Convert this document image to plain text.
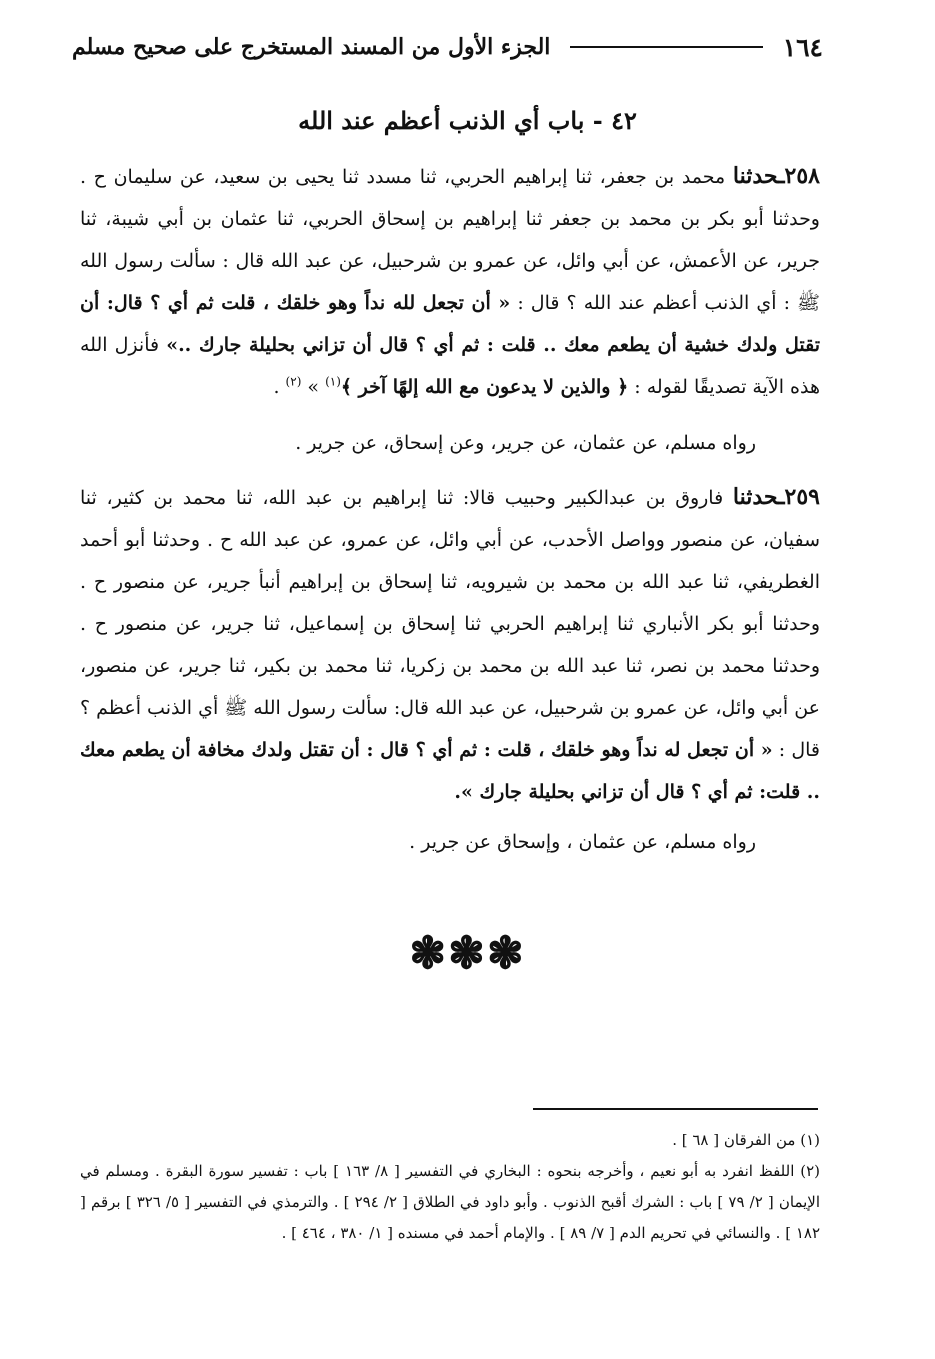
١٦٤
الجزء الأول من المسند المستخرج على صحيح مسلم
٤٢ - باب أي الذنب أعظم عند الله

٢٥٨ـحدثنا محمد بن جعفر، ثنا إبراهيم الحربي، ثنا مسدد ثنا يحيى بن سعيد، عن سليمان ح . وحدثنا أبو بكر بن محمد بن جعفر ثنا إبراهيم بن إسحاق الحربي، ثنا عثمان بن أبي شيبة، ثنا جرير، عن الأعمش، عن أبي وائل، عن عمرو بن شرحبيل، عن عبد الله قال : سألت رسول الله ﷺ : أي الذنب أعظم عند الله ؟ قال : « أن تجعل لله نداً وهو خلقك ، قلت ثم أي ؟ قال: أن تقتل ولدك خشية أن يطعم معك .. قلت : ثم أي ؟ قال أن تزاني بحليلة جارك ..» فأنزل الله هذه الآية تصديقًا لقوله : ﴿ والذين لا يدعون مع الله إلهًا آخر ﴾$^{(١)}$ » $^{(٢)}$ .

رواه مسلم، عن عثمان، عن جرير، وعن إسحاق، عن جرير .

٢٥٩ـحدثنا فاروق بن عبدالكبير وحبيب قالا: ثنا إبراهيم بن عبد الله، ثنا محمد بن كثير، ثنا سفيان، عن منصور وواصل الأحدب، عن أبي وائل، عن عمرو، عن عبد الله ح . وحدثنا أبو أحمد الغطريفي، ثنا عبد الله بن محمد بن شيرويه، ثنا إسحاق بن إبراهيم أنبأ جرير، عن منصور ح . وحدثنا أبو بكر الأنباري ثنا إبراهيم الحربي ثنا إسحاق بن إسماعيل، ثنا جرير، عن منصور ح . وحدثنا محمد بن نصر، ثنا عبد الله بن محمد بن زكريا، ثنا محمد بن بكير، ثنا جرير، عن منصور، عن أبي وائل، عن عمرو بن شرحبيل، عن عبد الله قال: سألت رسول الله ﷺ أي الذنب أعظم ؟ قال : « أن تجعل له نداً وهو خلقك ، قلت : ثم أي ؟ قال : أن تقتل ولدك مخافة أن يطعم معك .. قلت: ثم أي ؟ قال أن تزاني بحليلة جارك ».

رواه مسلم، عن عثمان ، وإسحاق عن جرير .

❃❃❃

(١) من الفرقان [ ٦٨ ] .

(٢) اللفظ انفرد به أبو نعيم ، وأخرجه بنحوه : البخاري في التفسير [ ٨/ ١٦٣ ] باب : تفسير سورة البقرة . ومسلم في الإيمان [ ٢/ ٧٩ ] باب : الشرك أقبح الذنوب . وأبو داود في الطلاق [ ٢/ ٢٩٤ ] . والترمذي في التفسير [ ٥/ ٣٢٦ ] برقم [ ١٨٢ ] . والنسائي في تحريم الدم [ ٧/ ٨٩ ] . والإمام أحمد في مسنده [ ١/ ٣٨٠ ، ٤٦٤ ] .
